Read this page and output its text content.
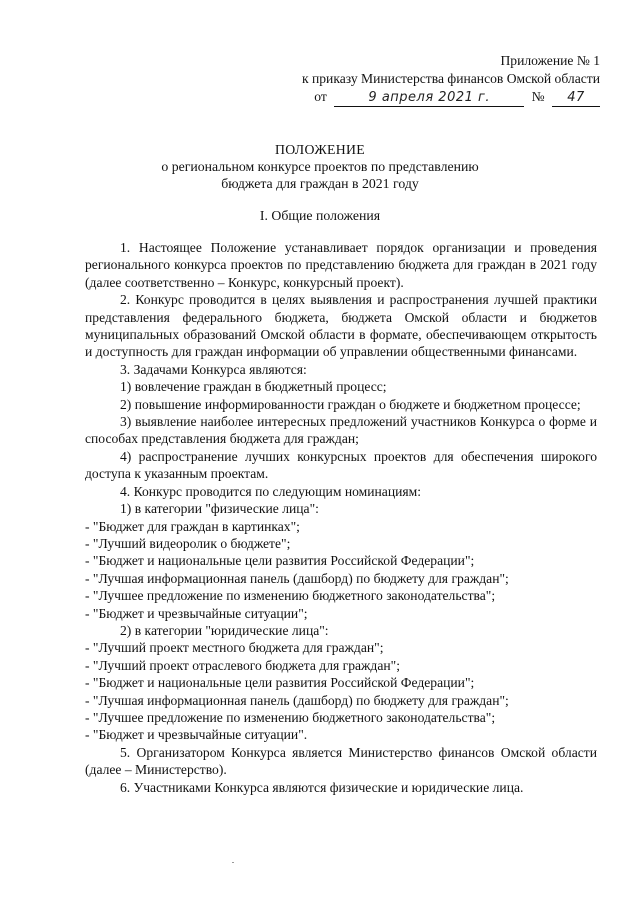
Приложение № 1
к приказу Министерства финансов Омской области
от	9 апреля 2021 г.	№ 47
ПОЛОЖЕНИЕ
о региональном конкурсе проектов по представлению
бюджета для граждан в 2021 году
I. Общие положения

1. Настоящее Положение устанавливает порядок организации и проведения регионального конкурса проектов по представлению бюджета для граждан в 2021 году (далее соответственно – Конкурс, конкурсный проект).

2. Конкурс проводится в целях выявления и распространения лучшей практики представления федерального бюджета, бюджета Омской области и бюджетов муниципальных образований Омской области в формате, обеспечивающем открытость и доступность для граждан информации об управлении общественными финансами.

3. Задачами Конкурса являются:

1) вовлечение граждан в бюджетный процесс;

2) повышение информированности граждан о бюджете и бюджетном процессе;

3) выявление наиболее интересных предложений участников Конкурса о форме и способах представления бюджета для граждан;

4) распространение лучших конкурсных проектов для обеспечения широкого доступа к указанным проектам.

4. Конкурс проводится по следующим номинациям:

1) в категории "физические лица":

- "Бюджет для граждан в картинках";

- "Лучший видеоролик о бюджете";

- "Бюджет и национальные цели развития Российской Федерации";

- "Лучшая информационная панель (дашборд) по бюджету для граждан";

- "Лучшее предложение по изменению бюджетного законодательства";

- "Бюджет и чрезвычайные ситуации";

2) в категории "юридические лица":

- "Лучший проект местного бюджета для граждан";

- "Лучший проект отраслевого бюджета для граждан";

- "Бюджет и национальные цели развития Российской Федерации";

- "Лучшая информационная панель (дашборд) по бюджету для граждан";

- "Лучшее предложение по изменению бюджетного законодательства";

- "Бюджет и чрезвычайные ситуации".

5. Организатором Конкурса является Министерство финансов Омской области (далее – Министерство).

6. Участниками Конкурса являются физические и юридические лица.
